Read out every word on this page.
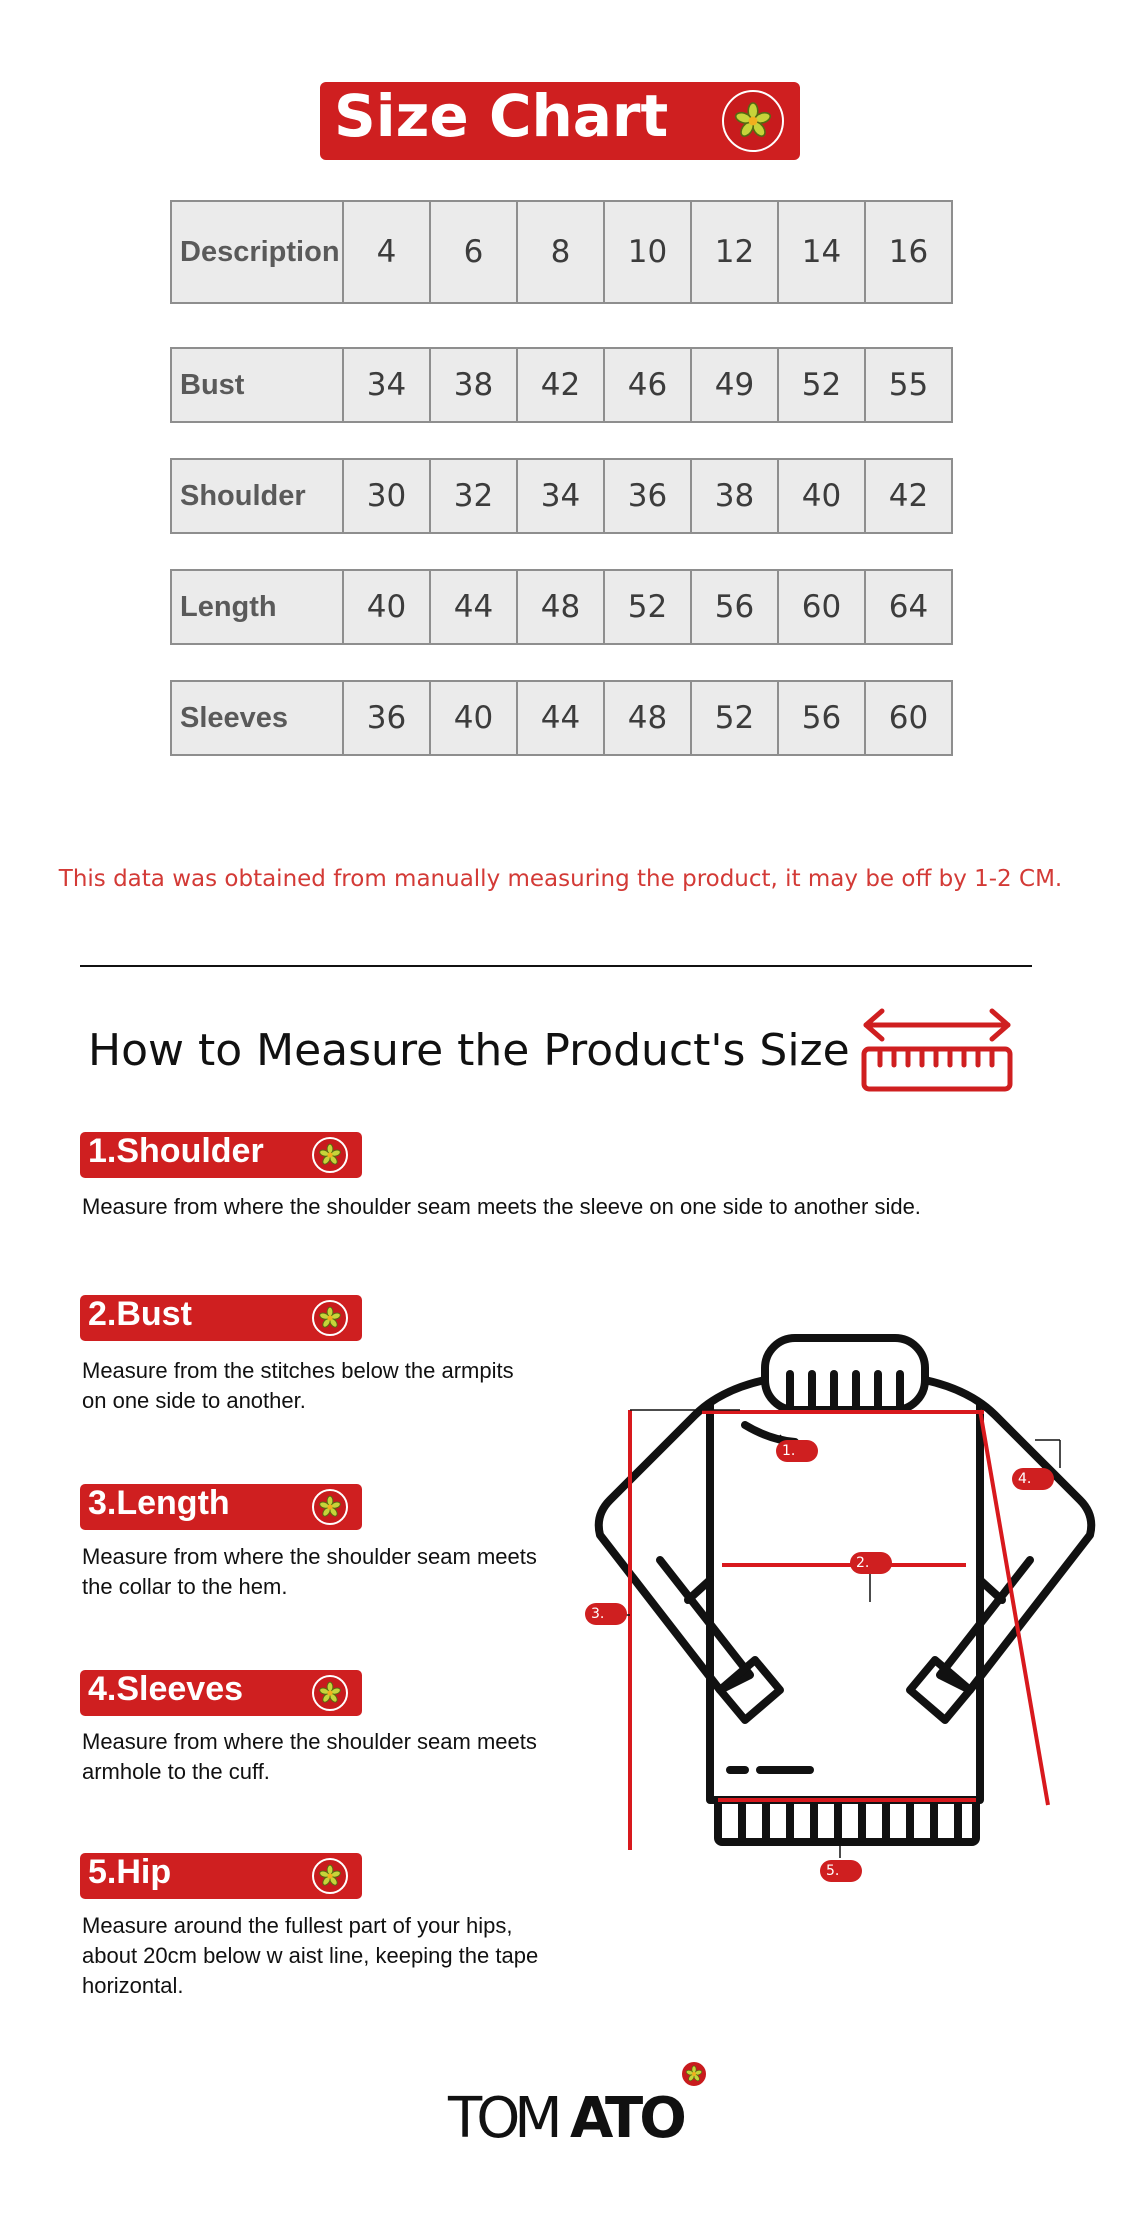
Size Chart
Description	4	6	8	10	12	14	16
Bust	34	38	42	46	49	52	55
Shoulder	30	32	34	36	38	40	42
Length	40	44	48	52	56	60	64
Sleeves	36	40	44	48	52	56	60
This data was obtained from manually measuring the product, it may be off by 1-2 CM.
How to Measure the Product's Size
1.Shoulder
Measure from where the shoulder seam meets the sleeve on one side to another side.
2.Bust
Measure from the stitches below the armpits
on one side to another.
3.Length
Measure from where the shoulder seam meets
the collar to the hem.
4.Sleeves
Measure from where the shoulder seam meets
armhole to the cuff.
5.Hip
Measure around the fullest part of your hips,
about 20cm below w aist line, keeping the tape
horizontal.
1.
2.
3.
4.
5.
TOM ATO
